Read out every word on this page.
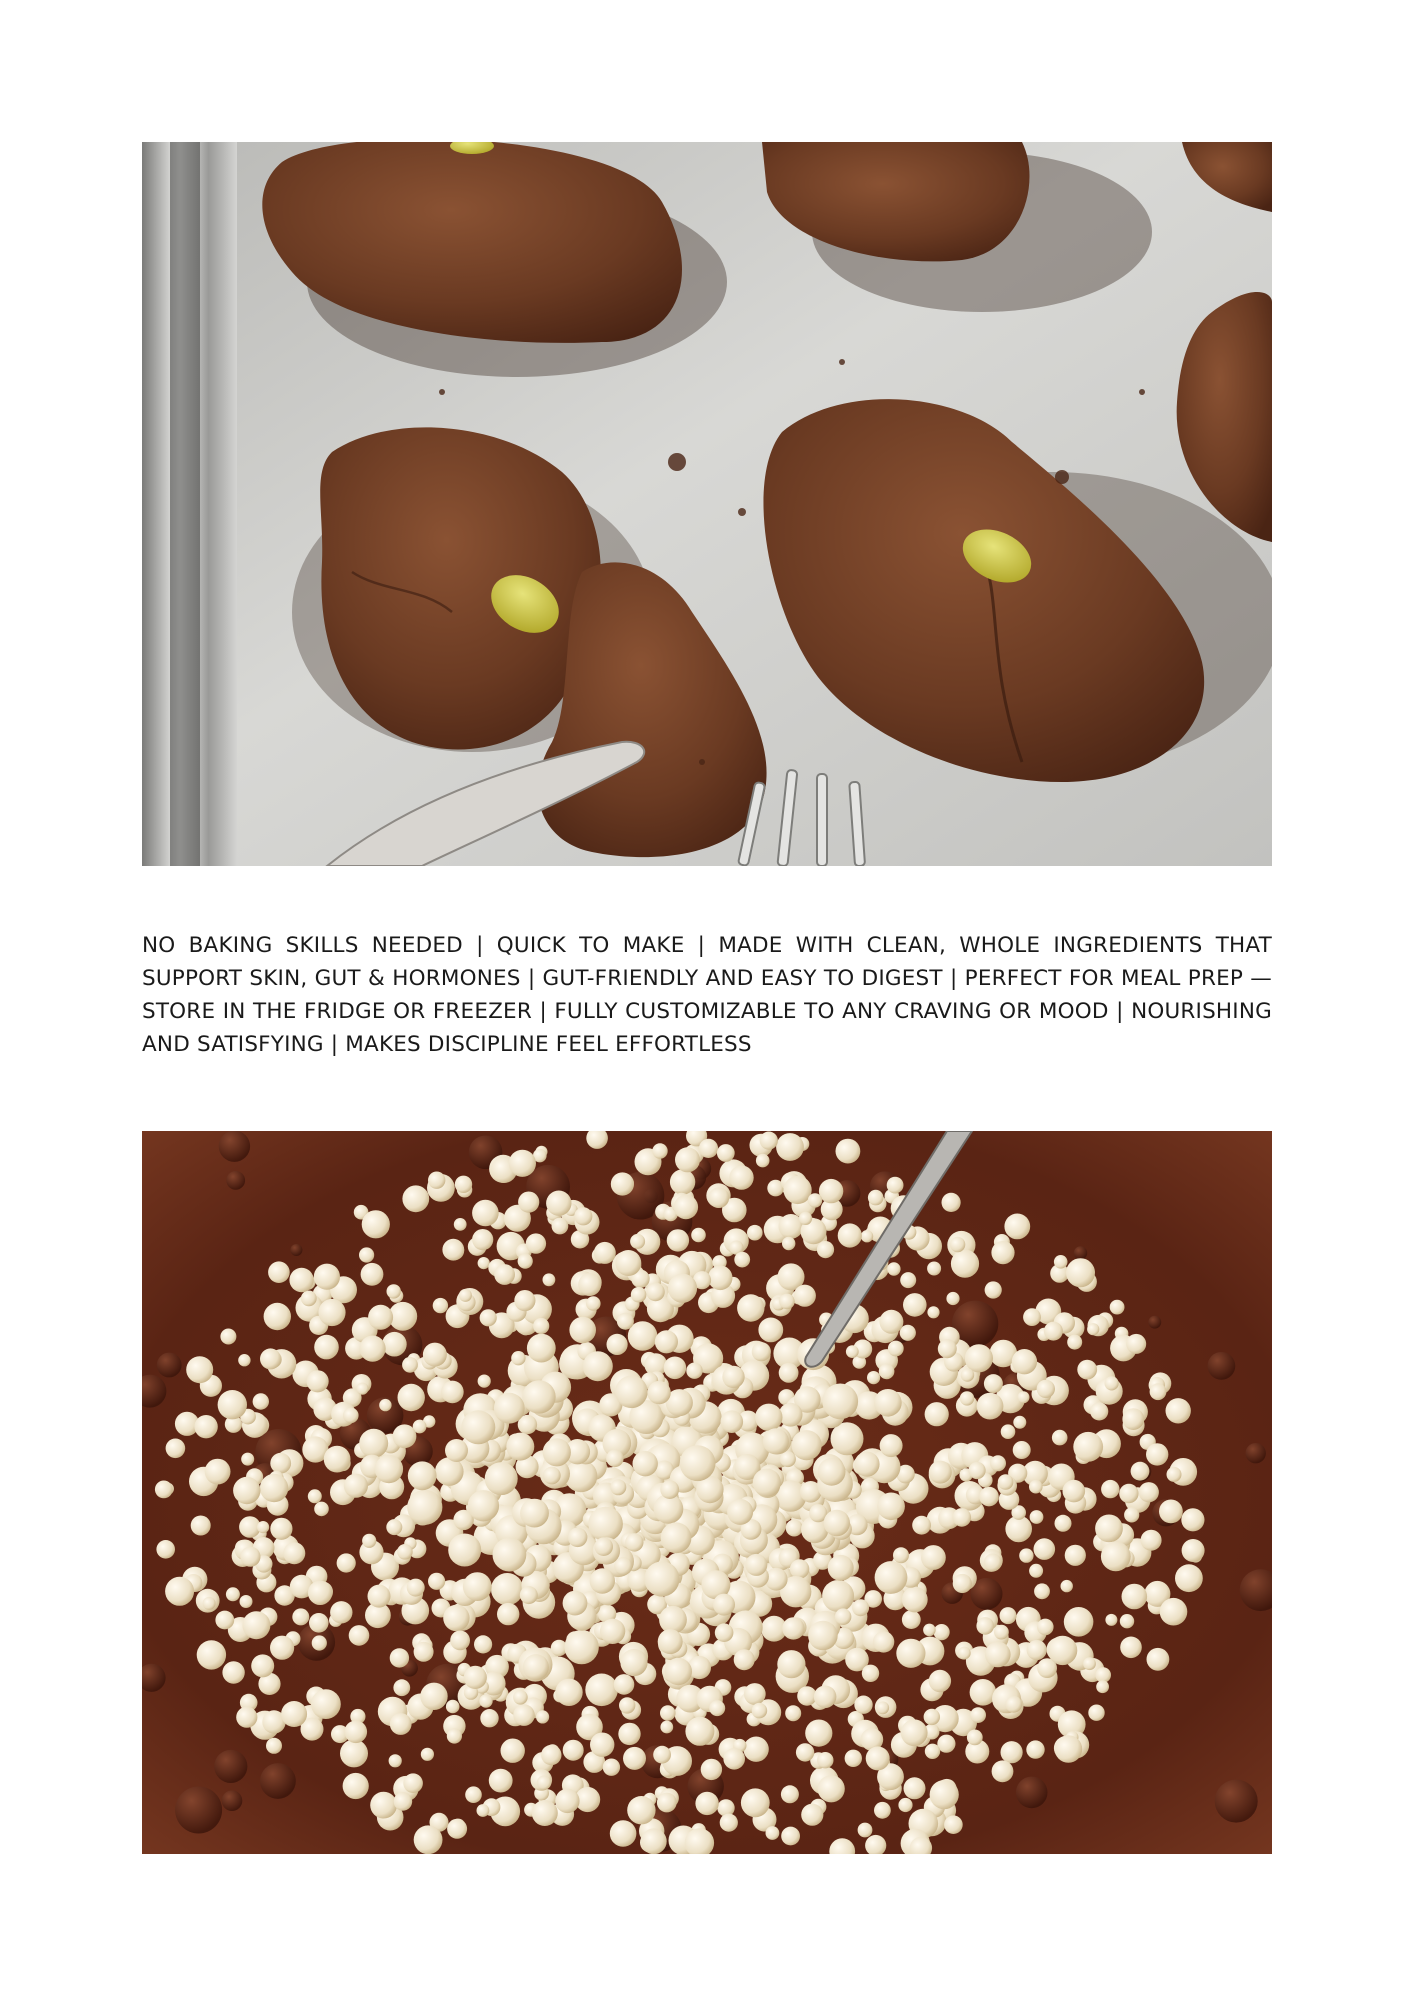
NO BAKING SKILLS NEEDED | QUICK TO MAKE | MADE WITH CLEAN, WHOLE INGREDIENTS THAT SUPPORT SKIN, GUT & HORMONES | GUT-FRIENDLY AND EASY TO DIGEST | PERFECT FOR MEAL PREP — STORE IN THE FRIDGE OR FREEZER | FULLY CUSTOMIZABLE TO ANY CRAVING OR MOOD | NOURISHING AND SATISFYING | MAKES DISCIPLINE FEEL EFFORTLESS
